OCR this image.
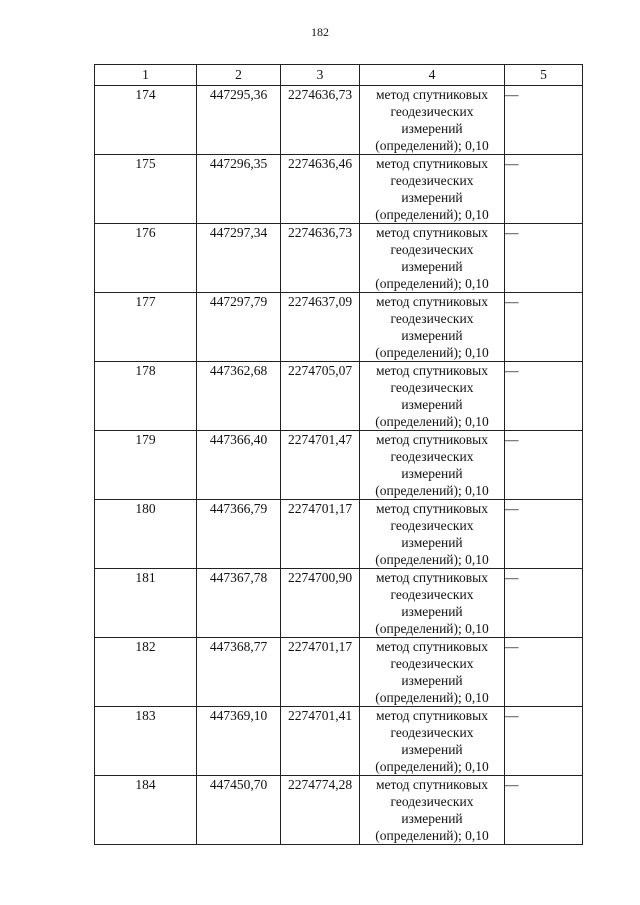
182
1	2	3	4	5
174	447295,36	2274636,73	метод спутниковых геодезических измерений (определений); 0,10	—
175	447296,35	2274636,46	метод спутниковых геодезических измерений (определений); 0,10	—
176	447297,34	2274636,73	метод спутниковых геодезических измерений (определений); 0,10	—
177	447297,79	2274637,09	метод спутниковых геодезических измерений (определений); 0,10	—
178	447362,68	2274705,07	метод спутниковых геодезических измерений (определений); 0,10	—
179	447366,40	2274701,47	метод спутниковых геодезических измерений (определений); 0,10	—
180	447366,79	2274701,17	метод спутниковых геодезических измерений (определений); 0,10	—
181	447367,78	2274700,90	метод спутниковых геодезических измерений (определений); 0,10	—
182	447368,77	2274701,17	метод спутниковых геодезических измерений (определений); 0,10	—
183	447369,10	2274701,41	метод спутниковых геодезических измерений (определений); 0,10	—
184	447450,70	2274774,28	метод спутниковых геодезических измерений (определений); 0,10	—
